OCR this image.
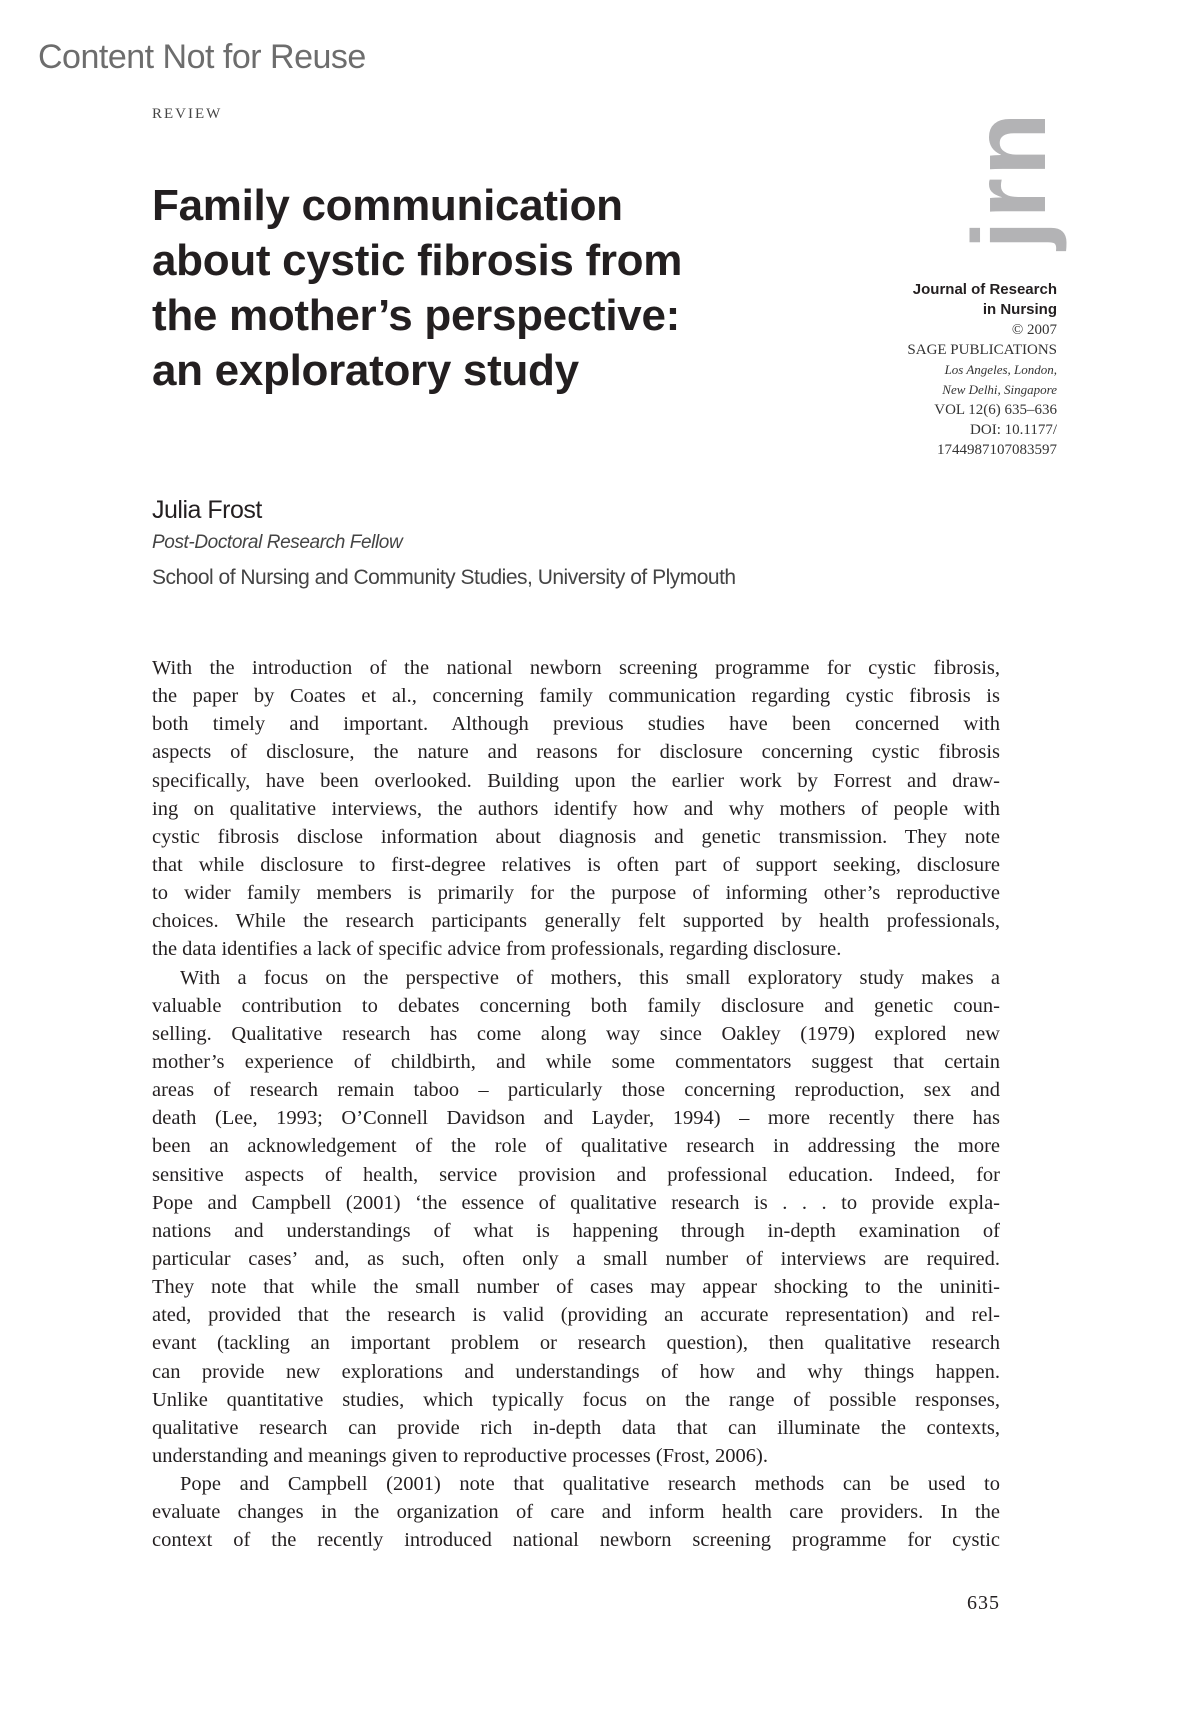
Content Not for Reuse
REVIEW
Family communication
about cystic fibrosis from
the mother’s perspective:
an exploratory study
jrn
Journal of Research
in Nursing
© 2007
SAGE PUBLICATIONS
Los Angeles, London,
New Delhi, Singapore
VOL 12(6) 635–636
DOI: 10.1177/
1744987107083597
Julia Frost
Post-Doctoral Research Fellow
School of Nursing and Community Studies, University of Plymouth
With the introduction of the national newborn screening programme for cystic fibrosis,
the paper by Coates et al., concerning family communication regarding cystic fibrosis is
both timely and important. Although previous studies have been concerned with
aspects of disclosure, the nature and reasons for disclosure concerning cystic fibrosis
specifically, have been overlooked. Building upon the earlier work by Forrest and draw-
ing on qualitative interviews, the authors identify how and why mothers of people with
cystic fibrosis disclose information about diagnosis and genetic transmission. They note
that while disclosure to first-degree relatives is often part of support seeking, disclosure
to wider family members is primarily for the purpose of informing other’s reproductive
choices. While the research participants generally felt supported by health professionals,
the data identifies a lack of specific advice from professionals, regarding disclosure.
With a focus on the perspective of mothers, this small exploratory study makes a
valuable contribution to debates concerning both family disclosure and genetic coun-
selling. Qualitative research has come along way since Oakley (1979) explored new
mother’s experience of childbirth, and while some commentators suggest that certain
areas of research remain taboo – particularly those concerning reproduction, sex and
death (Lee, 1993; O’Connell Davidson and Layder, 1994) – more recently there has
been an acknowledgement of the role of qualitative research in addressing the more
sensitive aspects of health, service provision and professional education. Indeed, for
Pope and Campbell (2001) ‘the essence of qualitative research is . . . to provide expla-
nations and understandings of what is happening through in-depth examination of
particular cases’ and, as such, often only a small number of interviews are required.
They note that while the small number of cases may appear shocking to the uniniti-
ated, provided that the research is valid (providing an accurate representation) and rel-
evant (tackling an important problem or research question), then qualitative research
can provide new explorations and understandings of how and why things happen.
Unlike quantitative studies, which typically focus on the range of possible responses,
qualitative research can provide rich in-depth data that can illuminate the contexts,
understanding and meanings given to reproductive processes (Frost, 2006).
Pope and Campbell (2001) note that qualitative research methods can be used to
evaluate changes in the organization of care and inform health care providers. In the
context of the recently introduced national newborn screening programme for cystic
635
